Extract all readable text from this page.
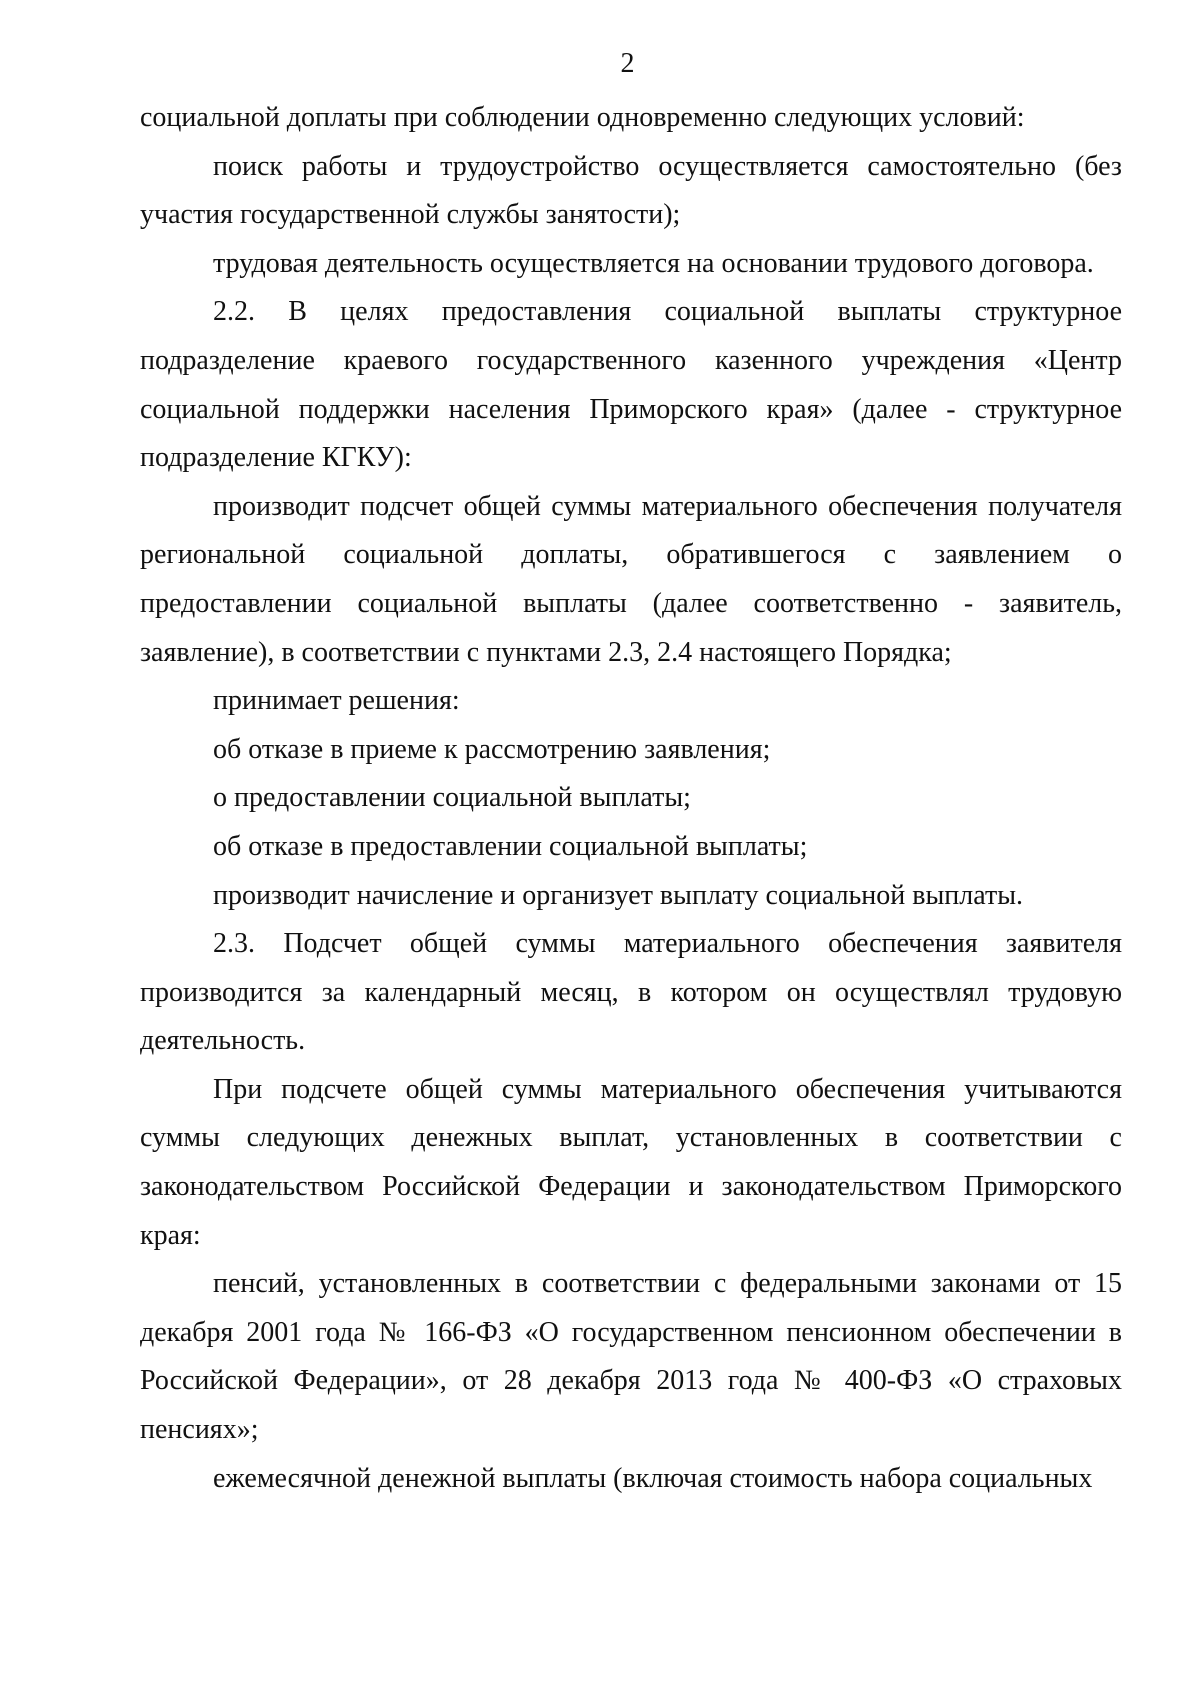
2

социальной доплаты при соблюдении одновременно следующих условий:

поиск работы и трудоустройство осуществляется самостоятельно (без участия государственной службы занятости);

трудовая деятельность осуществляется на основании трудового договора.

2.2. В целях предоставления социальной выплаты структурное подразделение краевого государственного казенного учреждения «Центр социальной поддержки населения Приморского края» (далее - структурное подразделение КГКУ):

производит подсчет общей суммы материального обеспечения получателя региональной социальной доплаты, обратившегося с заявлением о предоставлении социальной выплаты (далее соответственно - заявитель, заявление), в соответствии с пунктами 2.3, 2.4 настоящего Порядка;

принимает решения:

об отказе в приеме к рассмотрению заявления;

о предоставлении социальной выплаты;

об отказе в предоставлении социальной выплаты;

производит начисление и организует выплату социальной выплаты.

2.3. Подсчет общей суммы материального обеспечения заявителя производится за календарный месяц, в котором он осуществлял трудовую деятельность.

При подсчете общей суммы материального обеспечения учитываются суммы следующих денежных выплат, установленных в соответствии с законодательством Российской Федерации и законодательством Приморского края:

пенсий, установленных в соответствии с федеральными законами от 15 декабря 2001 года № 166-ФЗ «О государственном пенсионном обеспечении в Российской Федерации», от 28 декабря 2013 года № 400-ФЗ «О страховых пенсиях»;

ежемесячной денежной выплаты (включая стоимость набора социальных
